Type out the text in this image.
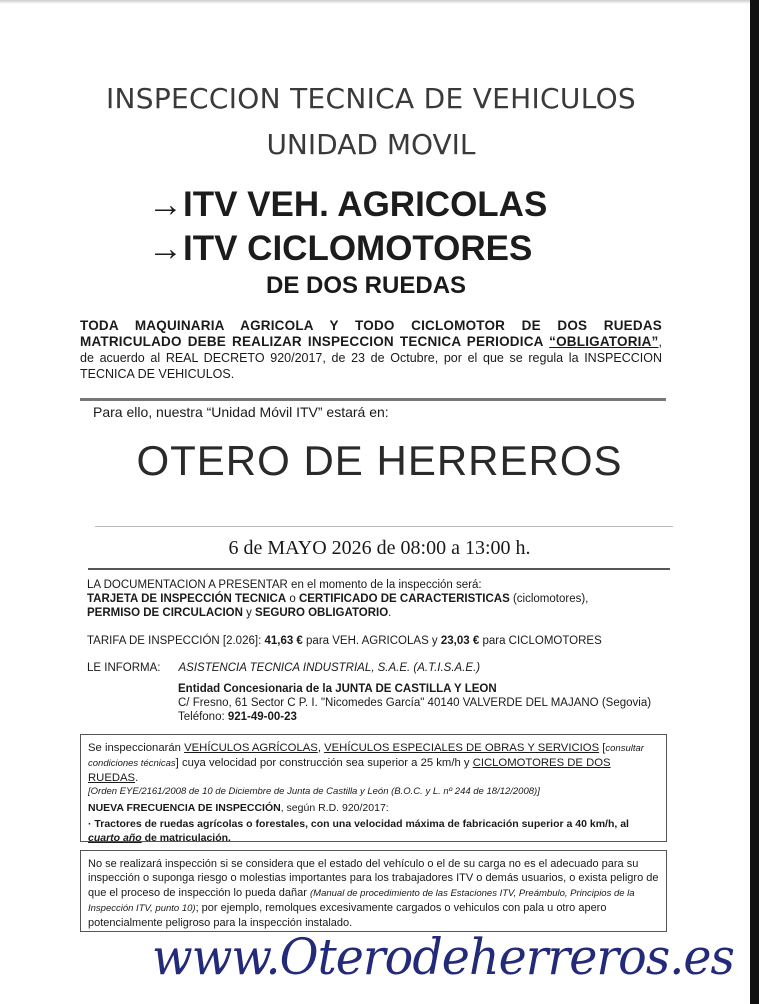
INSPECCION TECNICA DE VEHICULOS
UNIDAD MOVIL
→ITV VEH. AGRICOLAS
→ITV CICLOMOTORES
DE DOS RUEDAS
TODA MAQUINARIA AGRICOLA Y TODO CICLOMOTOR DE DOS RUEDAS MATRICULADO DEBE REALIZAR INSPECCION TECNICA PERIODICA “OBLIGATORIA”, de acuerdo al REAL DECRETO 920/2017, de 23 de Octubre, por el que se regula la INSPECCION TECNICA DE VEHICULOS.
Para ello, nuestra “Unidad Móvil ITV” estará en:
OTERO DE HERREROS
6 de MAYO 2026 de 08:00 a 13:00 h.
LA DOCUMENTACION A PRESENTAR en el momento de la inspección será:
TARJETA DE INSPECCIÓN TECNICA o CERTIFICADO DE CARACTERISTICAS (ciclomotores),
PERMISO DE CIRCULACION y SEGURO OBLIGATORIO.
TARIFA DE INSPECCIÓN [2.026]: 41,63 € para VEH. AGRICOLAS y 23,03 € para CICLOMOTORES
LE INFORMA: ASISTENCIA TECNICA INDUSTRIAL, S.A.E. (A.T.I.S.A.E.)
Entidad Concesionaria de la JUNTA DE CASTILLA Y LEON
C/ Fresno, 61 Sector C P. I. "Nicomedes García" 40140 VALVERDE DEL MAJANO (Segovia)
Teléfono: 921-49-00-23
Se inspeccionarán VEHÍCULOS AGRÍCOLAS, VEHÍCULOS ESPECIALES DE OBRAS Y SERVICIOS [consultar condiciones técnicas] cuya velocidad por construcción sea superior a 25 km/h y CICLOMOTORES DE DOS RUEDAS.
[Orden EYE/2161/2008 de 10 de Diciembre de Junta de Castilla y León (B.O.C. y L. nº 244 de 18/12/2008)]
NUEVA FRECUENCIA DE INSPECCIÓN, según R.D. 920/2017:
· Tractores de ruedas agrícolas o forestales, con una velocidad máxima de fabricación superior a 40 km/h, al cuarto año de matriculación.
No se realizará inspección si se considera que el estado del vehículo o el de su carga no es el adecuado para su inspección o suponga riesgo o molestias importantes para los trabajadores ITV o demás usuarios, o exista peligro de que el proceso de inspección lo pueda dañar (Manual de procedimiento de las Estaciones ITV, Preámbulo, Principios de la Inspección ITV, punto 10); por ejemplo, remolques excesivamente cargados o vehiculos con pala u otro apero potencialmente peligroso para la inspección instalado.
www.Oterodeherreros.es
